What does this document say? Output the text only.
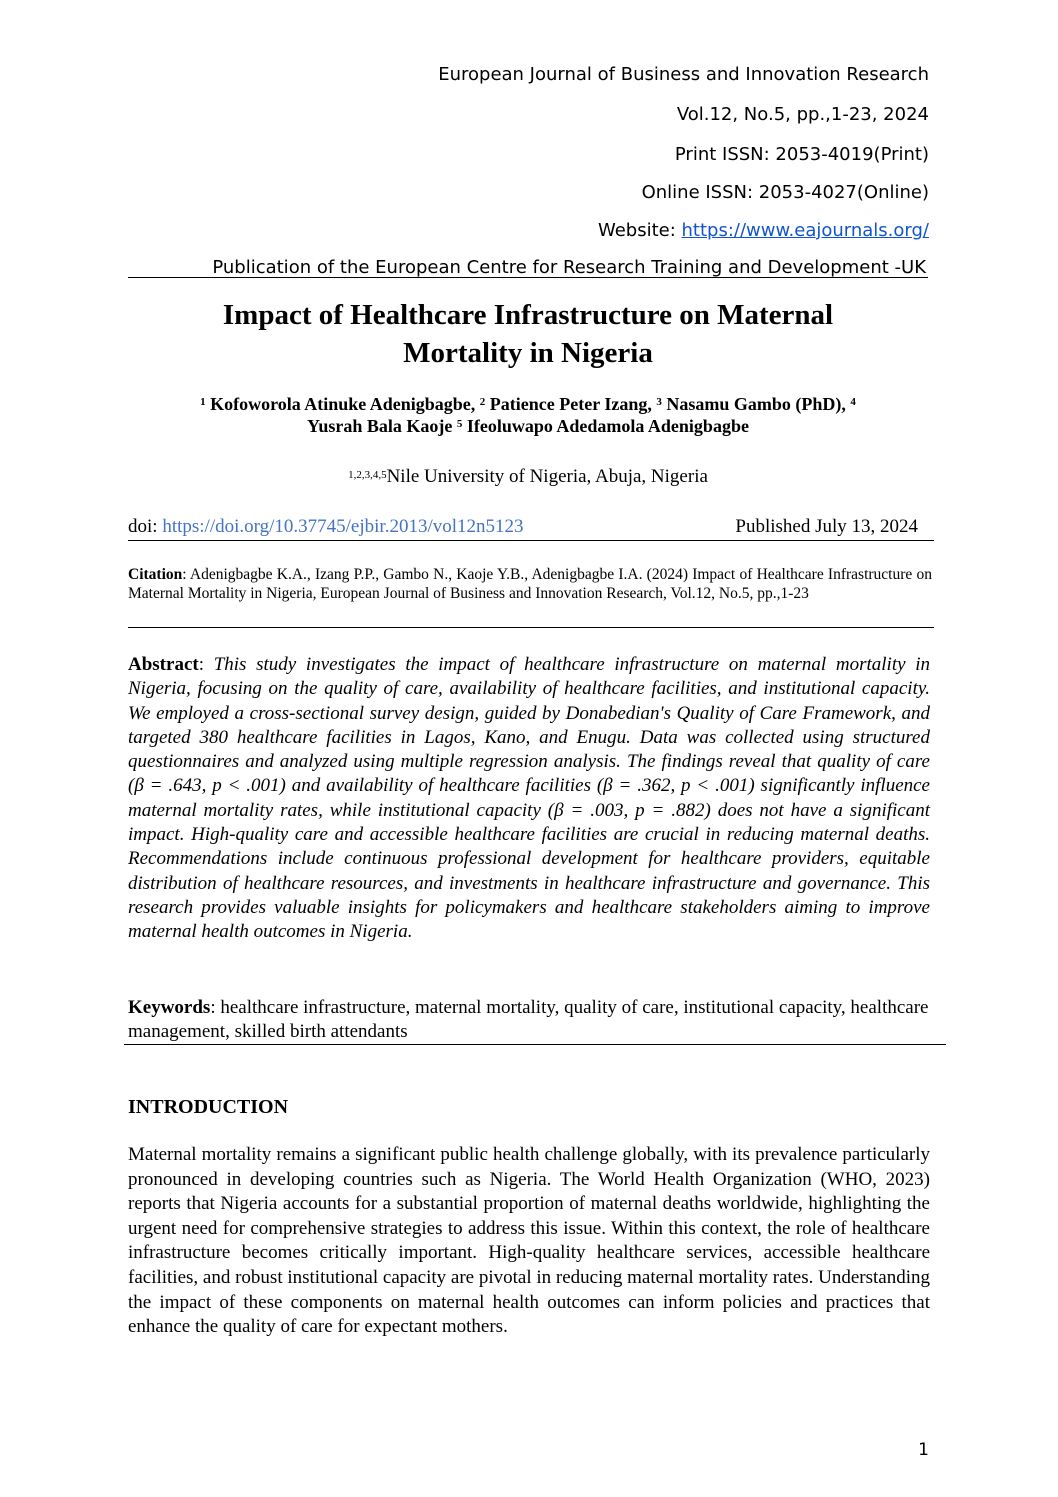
European Journal of Business and Innovation Research
Vol.12, No.5, pp.,1-23, 2024
Print ISSN: 2053-4019(Print)
Online ISSN: 2053-4027(Online)
Website: https://www.eajournals.org/
Publication of the European Centre for Research Training and Development -UK
Impact of Healthcare Infrastructure on Maternal
Mortality in Nigeria
$^1$ Kofoworola Atinuke Adenigbagbe, $^2$ Patience Peter Izang, $^3$ Nasamu Gambo (PhD), $^4$
Yusrah Bala Kaoje $^5$ Ifeoluwapo Adedamola Adenigbagbe
$^{1,2,3,4,5}$Nile University of Nigeria, Abuja, Nigeria
doi: https://doi.org/10.37745/ejbir.2013/vol12n5123	Published July 13, 2024
Citation: Adenigbagbe K.A., Izang P.P., Gambo N., Kaoje Y.B., Adenigbagbe I.A. (2024) Impact of Healthcare Infrastructure on Maternal Mortality in Nigeria, European Journal of Business and Innovation Research, Vol.12, No.5, pp.,1-23
Abstract: This study investigates the impact of healthcare infrastructure on maternal mortality in Nigeria, focusing on the quality of care, availability of healthcare facilities, and institutional capacity. We employed a cross-sectional survey design, guided by Donabedian's Quality of Care Framework, and targeted 380 healthcare facilities in Lagos, Kano, and Enugu. Data was collected using structured questionnaires and analyzed using multiple regression analysis. The findings reveal that quality of care (β = .643, p < .001) and availability of healthcare facilities (β = .362, p < .001) significantly influence maternal mortality rates, while institutional capacity (β = .003, p = .882) does not have a significant impact. High-quality care and accessible healthcare facilities are crucial in reducing maternal deaths. Recommendations include continuous professional development for healthcare providers, equitable distribution of healthcare resources, and investments in healthcare infrastructure and governance. This research provides valuable insights for policymakers and healthcare stakeholders aiming to improve maternal health outcomes in Nigeria.
Keywords: healthcare infrastructure, maternal mortality, quality of care, institutional capacity, healthcare management, skilled birth attendants
INTRODUCTION
Maternal mortality remains a significant public health challenge globally, with its prevalence particularly pronounced in developing countries such as Nigeria. The World Health Organization (WHO, 2023) reports that Nigeria accounts for a substantial proportion of maternal deaths worldwide, highlighting the urgent need for comprehensive strategies to address this issue. Within this context, the role of healthcare infrastructure becomes critically important. High-quality healthcare services, accessible healthcare facilities, and robust institutional capacity are pivotal in reducing maternal mortality rates. Understanding the impact of these components on maternal health outcomes can inform policies and practices that enhance the quality of care for expectant mothers.
1
